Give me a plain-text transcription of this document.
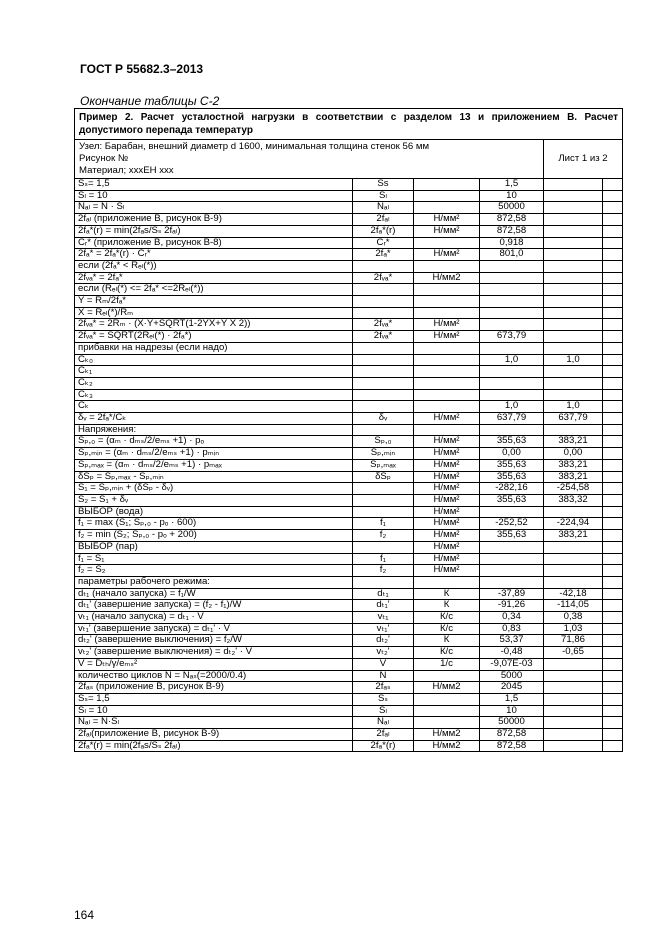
ГОСТ Р 55682.3–2013
Окончание таблицы С-2
Пример 2. Расчет усталостной нагрузки в соответствии с разделом 13 и приложением В. Расчет допустимого перепада температур					

Узел: Барабан, внешний диаметр d 1600, минимальная толщина стенок 56 мм
Рисунок №
Материал; хххЕН ххх				Лист 1 из 2	
Sₛ= 1,5	Ss		1,5		
Sₗ = 10	Sₗ		10		
Nₐₗ = N · Sₗ	Nₐₗ		50000		
2fₐₗ (приложение В, рисунок В-9)	2fₐₗ	Н/мм²	872,58		
2fₐ*(r) = min(2fₐs/Sₛ 2fₐₗ)	2fₐ*(r)	Н/мм²	872,58		
Cᵣ* (приложение В, рисунок В-8)	Cᵣ*		0,918		
2fₐ* = 2fₐ*(r) · Cᵣ*	2fₐ*	Н/мм²	801,0		
если (2fₐ* < Rₑₗ(*))					
2fᵥₐ* = 2fₐ*	2fᵥₐ*	Н/мм2			
если (Rₑₗ(*) <= 2fₐ* <=2Rₑₗ(*))					
Y = Rₘ/2fₐ*					
X = Rₑₗ(*)/Rₘ					
2fᵥₐ* = 2Rₘ · (X·Y+SQRT(1-2YX+Y X 2))	2fᵥₐ*	Н/мм²			
2fᵥₐ* = SQRT(2Rₑₗ(*) · 2fₐ*)	2fᵥₐ*	Н/мм²	673,79		
прибавки на надрезы (если надо)					
Cₖ₀			1,0	1,0	
Cₖ₁					
Cₖ₂					
Cₖ₃					
Cₖ			1,0	1,0	
δᵥ = 2fₐ*/Cₖ	δᵥ	Н/мм²	637,79	637,79	
Напряжения:					
Sₚ,₀ = (αₘ · dₘₛ/2/eₘₛ +1) · pₒ	Sₚ,₀	Н/мм²	355,63	383,21	
Sₚ,ₘᵢₙ = (αₘ · dₘₛ/2/eₘₛ +1) · pₘᵢₙ	Sₚ,ₘᵢₙ	Н/мм²	0,00	0,00	
Sₚ,ₘₐₓ = (αₘ · dₘₛ/2/eₘₛ +1) · pₘₐₓ	Sₚ,ₘₐₓ	Н/мм²	355,63	383,21	
δSₚ = Sₚ,ₘₐₓ - Sₚ,ₘᵢₙ	δSₚ	Н/мм²	355,63	383,21	
S₁ = Sₚ,ₘᵢₙ + (δSₚ - δᵥ)		Н/мм²	-282,16	-254,58	
S₂ = S₁ + δᵥ		Н/мм²	355,63	383,32	
ВЫБОР (вода)		Н/мм²			
f₁ = max (S₁; Sₚ,₀ - pₒ · 600)	f₁	Н/мм²	-252,52	-224,94	
f₂ = min (S₂; Sₚ,₀ - pₒ + 200)	f₂	Н/мм²	355,63	383,21	
ВЫБОР (пар)		Н/мм²			
f₁ = S₁	f₁	Н/мм²			
f₂ = S₂	f₂	Н/мм²			
параметры рабочего режима:					
dₜ₁ (начало запуска) = f₁/W	dₜ₁	К	-37,89	-42,18	
dₜ₁' (завершение запуска) = (f₂ - f₁)/W	dₜ₁'	К	-91,26	-114,05	
vₜ₁ (начало запуска) = dₜ₁ · V	vₜ₁	К/с	0,34	0,38	
vₜ₁' (завершение запуска) = dₜ₁' · V	vₜ₁'	К/с	0,83	1,03	
dₜ₂' (завершение выключения) = f₂/W	dₜ₂'	К	53,37	71,86	
vₜ₂' (завершение выключения) = dₜ₂' · V	vₜ₂'	К/с	-0,48	-0,65	
V = Dₜₕ/γ/eₘₛ²	V	1/с	-9,07Е-03		
количество циклов N = Nₐₛ(=2000/0.4)	N		5000		
2fₐₛ (приложение В, рисунок В-9)	2fₐₛ	Н/мм2	2045		
Sₛ= 1,5	Sₛ		1,5		
Sₗ = 10	Sₗ		10		
Nₐₗ = N·Sₗ	Nₐₗ		50000		
2fₐₗ(приложение В, рисунок В-9)	2fₐₗ	Н/мм2	872,58		
2fₐ*(r) = min(2fₐs/Sₛ 2fₐₗ)	2fₐ*(r)	Н/мм2	872,58		
164
